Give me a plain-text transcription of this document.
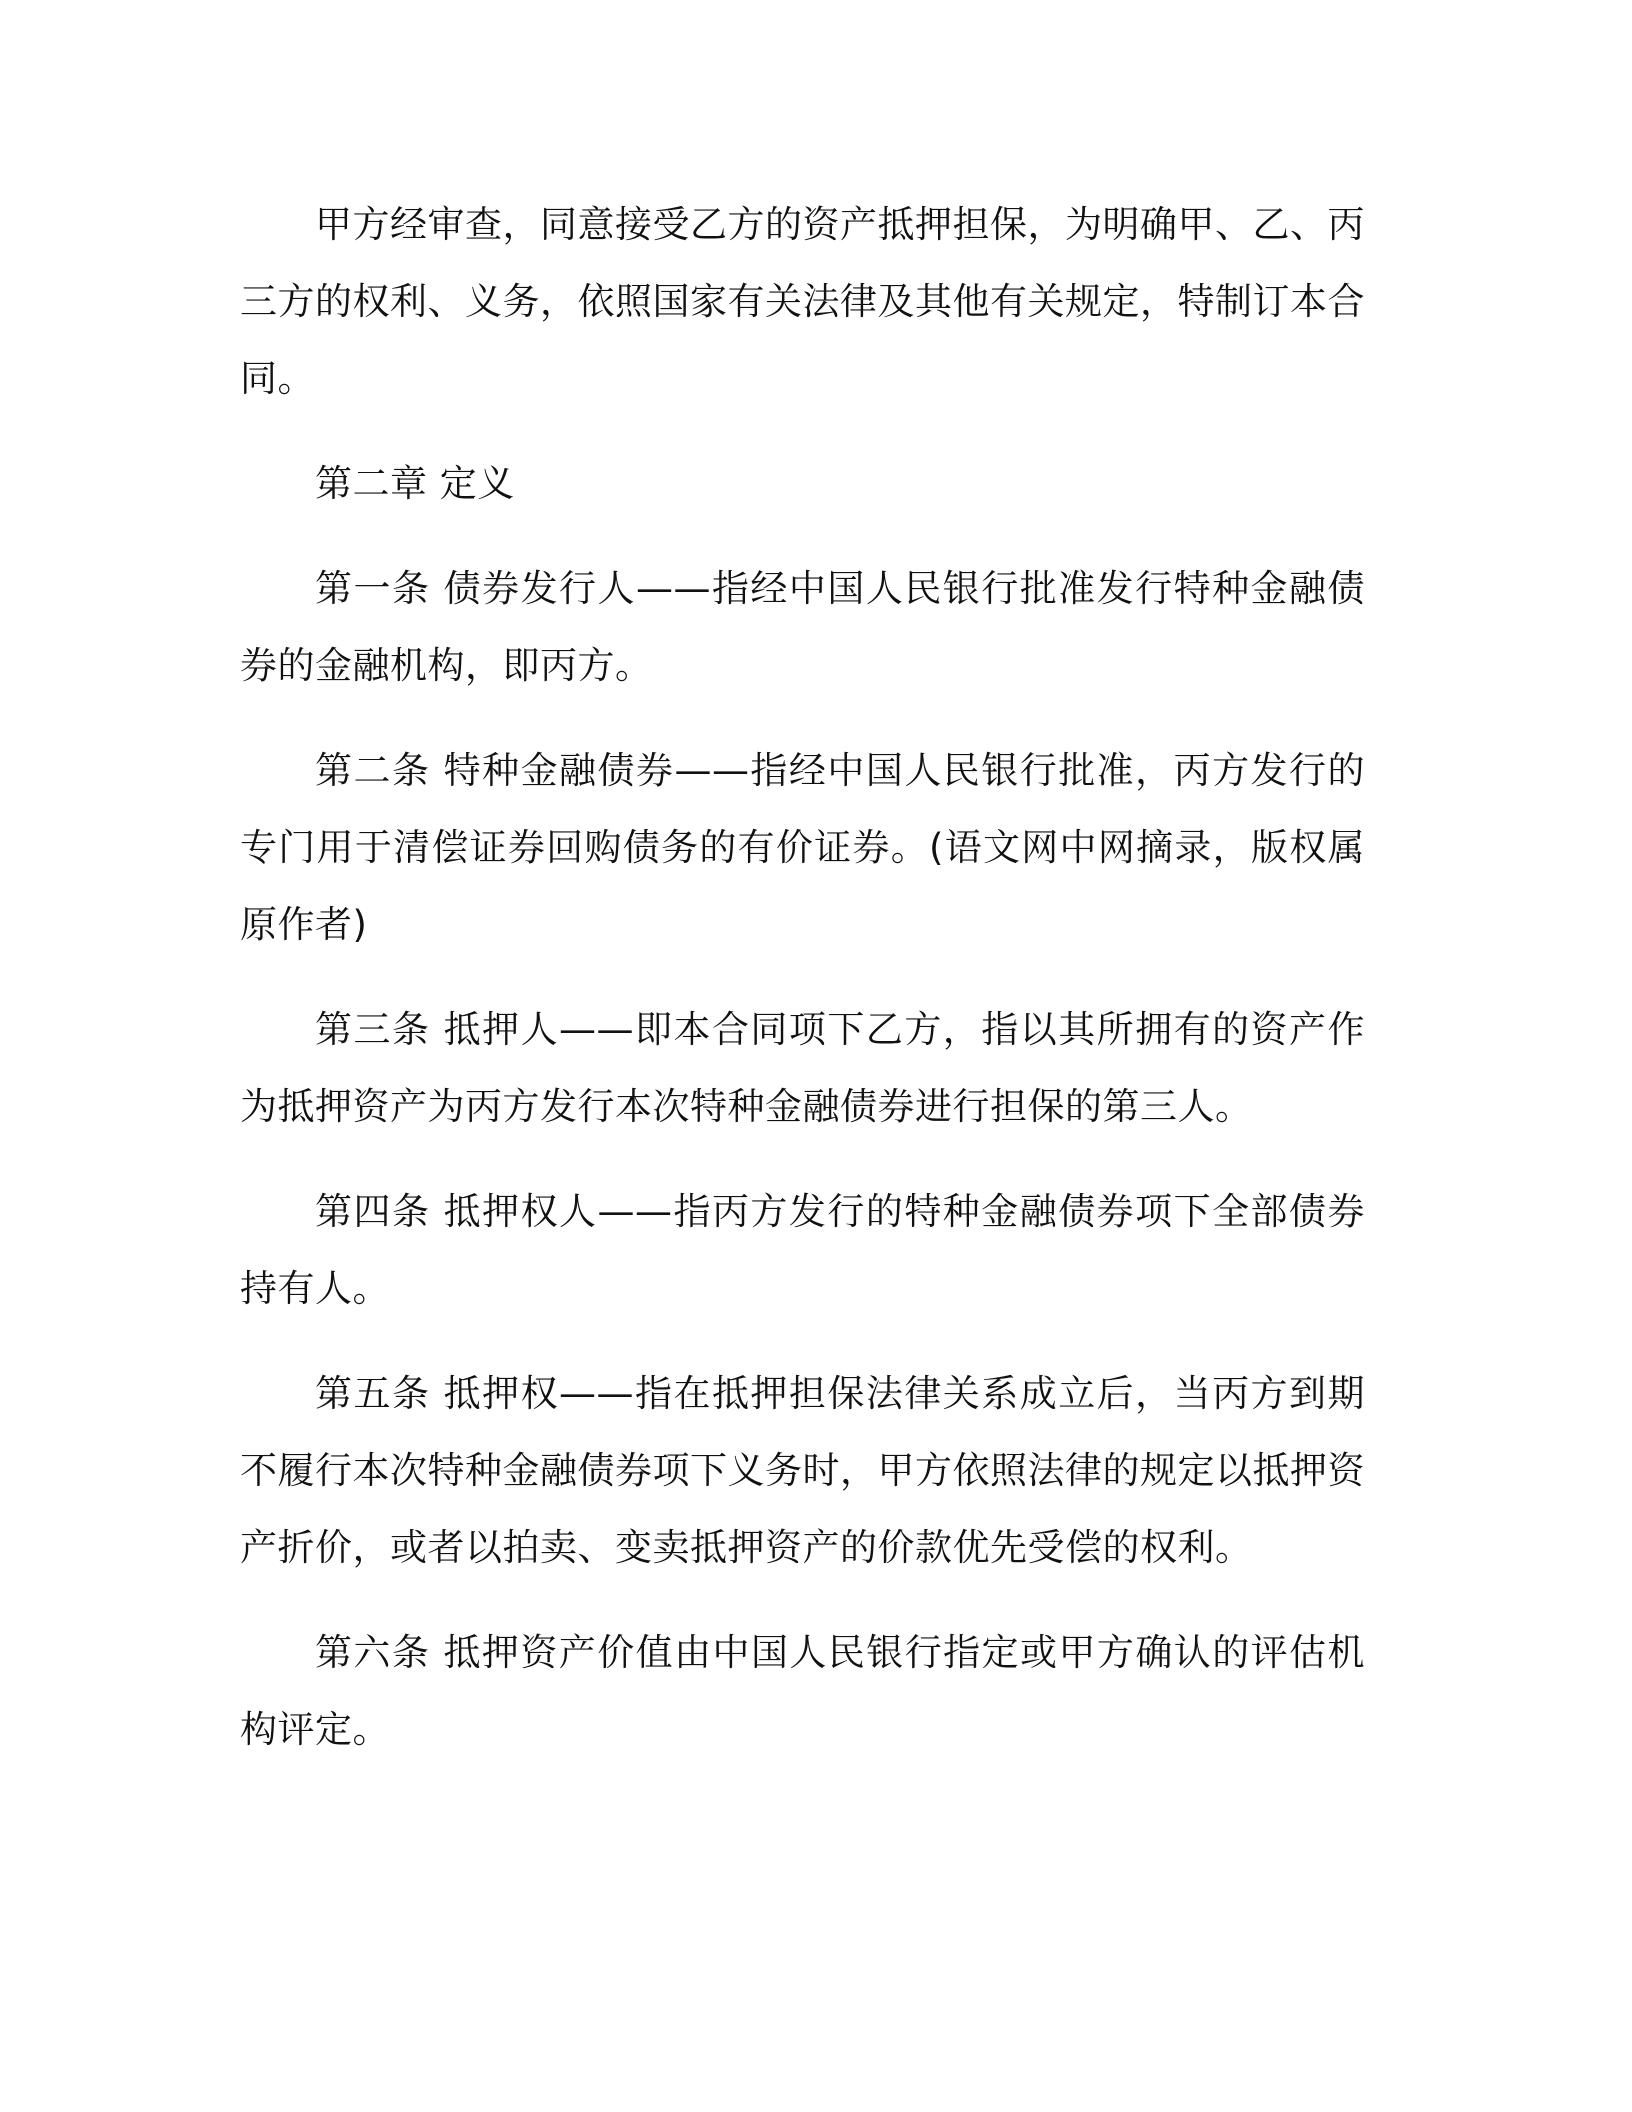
甲方经审查，同意接受乙方的资产抵押担保，为明确甲、乙、丙三方的权利、义务，依照国家有关法律及其他有关规定，特制订本合同。

第二章 定义

第一条 债券发行人——指经中国人民银行批准发行特种金融债券的金融机构，即丙方。

第二条 特种金融债券——指经中国人民银行批准，丙方发行的专门用于清偿证券回购债务的有价证券。(语文网中网摘录，版权属原作者)

第三条 抵押人——即本合同项下乙方，指以其所拥有的资产作为抵押资产为丙方发行本次特种金融债券进行担保的第三人。

第四条 抵押权人——指丙方发行的特种金融债券项下全部债券持有人。

第五条 抵押权——指在抵押担保法律关系成立后，当丙方到期不履行本次特种金融债券项下义务时，甲方依照法律的规定以抵押资产折价，或者以拍卖、变卖抵押资产的价款优先受偿的权利。

第六条 抵押资产价值由中国人民银行指定或甲方确认的评估机构评定。
